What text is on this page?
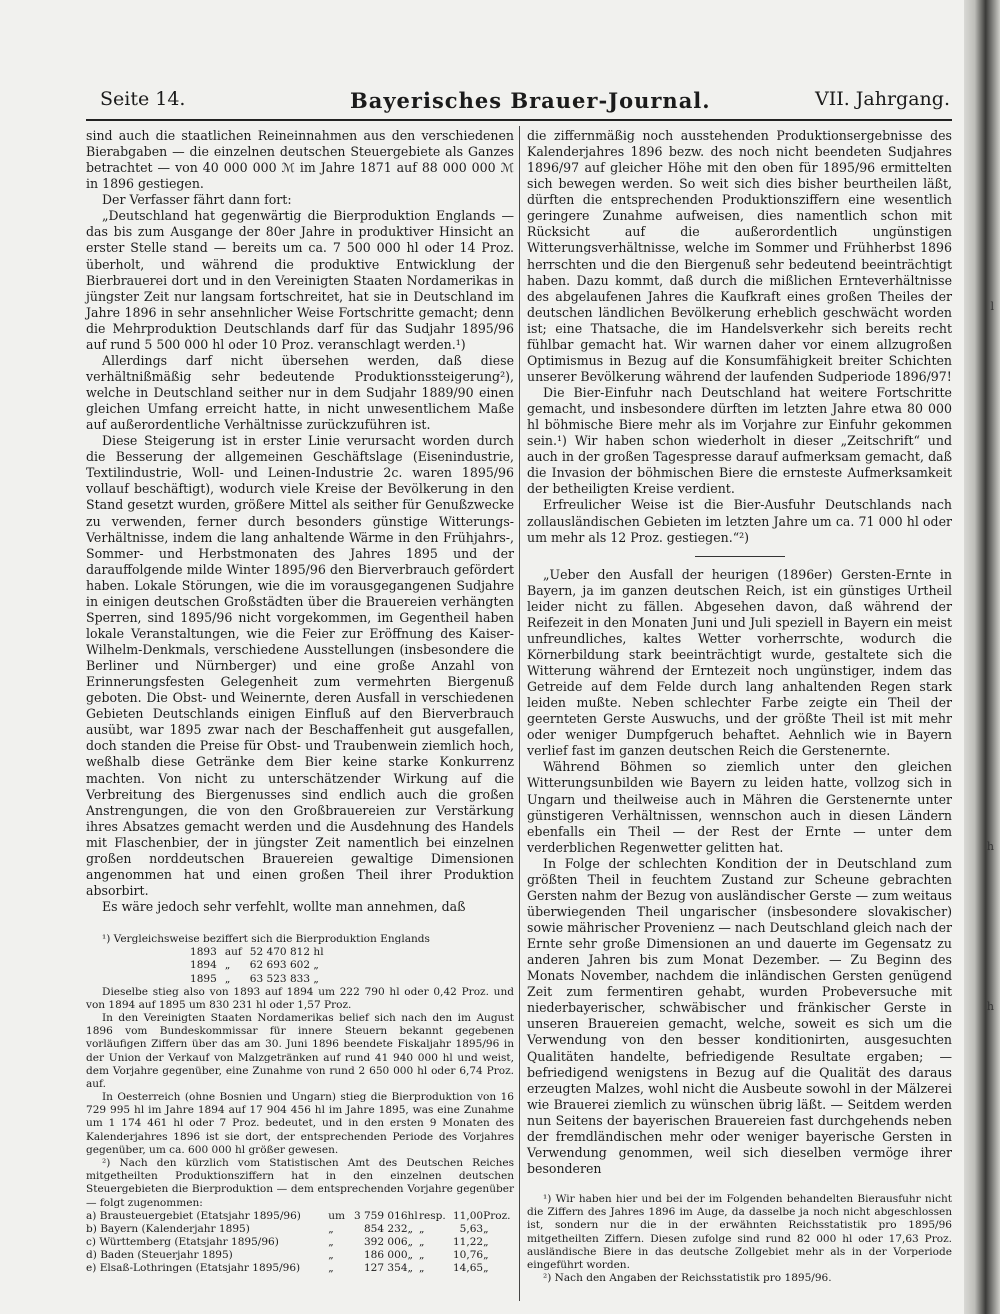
Seite 14.	Bayerisches Brauer-Journal.	VII. Jahrgang.

sind auch die staatlichen Reineinnahmen aus den verschiedenen Bierabgaben — die einzelnen deutschen Steuergebiete als Ganzes betrachtet — von 40 000 000 ℳ im Jahre 1871 auf 88 000 000 ℳ in 1896 gestiegen.

Der Verfasser fährt dann fort:

„Deutschland hat gegenwärtig die Bierproduktion Englands — das bis zum Ausgange der 80er Jahre in produktiver Hinsicht an erster Stelle stand — bereits um ca. 7 500 000 hl oder 14 Proz. überholt, und während die produktive Entwicklung der Bierbrauerei dort und in den Vereinigten Staaten Nordamerikas in jüngster Zeit nur langsam fortschreitet, hat sie in Deutschland im Jahre 1896 in sehr ansehnlicher Weise Fortschritte gemacht; denn die Mehrproduktion Deutschlands darf für das Sudjahr 1895/96 auf rund 5 500 000 hl oder 10 Proz. veranschlagt werden.¹)

Allerdings darf nicht übersehen werden, daß diese verhältnißmäßig sehr bedeutende Produktionssteigerung²), welche in Deutschland seither nur in dem Sudjahr 1889/90 einen gleichen Umfang erreicht hatte, in nicht unwesentlichem Maße auf außerordentliche Verhältnisse zurückzuführen ist.

Diese Steigerung ist in erster Linie verursacht worden durch die Besserung der allgemeinen Geschäftslage (Eisenindustrie, Textilindustrie, Woll- und Leinen-Industrie 2c. waren 1895/96 vollauf beschäftigt), wodurch viele Kreise der Bevölkerung in den Stand gesetzt wurden, größere Mittel als seither für Genußzwecke zu verwenden, ferner durch besonders günstige Witterungs-Verhältnisse, indem die lang anhaltende Wärme in den Frühjahrs-, Sommer- und Herbstmonaten des Jahres 1895 und der darauffolgende milde Winter 1895/96 den Bierverbrauch gefördert haben. Lokale Störungen, wie die im vorausgegangenen Sudjahre in einigen deutschen Großstädten über die Brauereien verhängten Sperren, sind 1895/96 nicht vorgekommen, im Gegentheil haben lokale Veranstaltungen, wie die Feier zur Eröffnung des Kaiser-Wilhelm-Denkmals, verschiedene Ausstellungen (insbesondere die Berliner und Nürnberger) und eine große Anzahl von Erinnerungsfesten Gelegenheit zum vermehrten Biergenuß geboten. Die Obst- und Weinernte, deren Ausfall in verschiedenen Gebieten Deutschlands einigen Einfluß auf den Bierverbrauch ausübt, war 1895 zwar nach der Beschaffenheit gut ausgefallen, doch standen die Preise für Obst- und Traubenwein ziemlich hoch, weßhalb diese Getränke dem Bier keine starke Konkurrenz machten. Von nicht zu unterschätzender Wirkung auf die Verbreitung des Biergenusses sind endlich auch die großen Anstrengungen, die von den Großbrauereien zur Verstärkung ihres Absatzes gemacht werden und die Ausdehnung des Handels mit Flaschenbier, der in jüngster Zeit namentlich bei einzelnen großen norddeutschen Brauereien gewaltige Dimensionen angenommen hat und einen großen Theil ihrer Produktion absorbirt.

Es wäre jedoch sehr verfehlt, wollte man annehmen, daß

¹) Vergleichsweise beziffert sich die Bierproduktion Englands

1893	auf	52 470 812 hl
1894	„	62 693 602 „
1895	„	63 523 833 „

Dieselbe stieg also von 1893 auf 1894 um 222 790 hl oder 0,42 Proz. und von 1894 auf 1895 um 830 231 hl oder 1,57 Proz.

In den Vereinigten Staaten Nordamerikas belief sich nach den im August 1896 vom Bundeskommissar für innere Steuern bekannt gegebenen vorläufigen Ziffern über das am 30. Juni 1896 beendete Fiskaljahr 1895/96 in der Union der Verkauf von Malzgetränken auf rund 41 940 000 hl und weist, dem Vorjahre gegenüber, eine Zunahme von rund 2 650 000 hl oder 6,74 Proz. auf.

In Oesterreich (ohne Bosnien und Ungarn) stieg die Bierproduktion von 16 729 995 hl im Jahre 1894 auf 17 904 456 hl im Jahre 1895, was eine Zunahme um 1 174 461 hl oder 7 Proz. bedeutet, und in den ersten 9 Monaten des Kalenderjahres 1896 ist sie dort, der entsprechenden Periode des Vorjahres gegenüber, um ca. 600 000 hl größer gewesen.

²) Nach den kürzlich vom Statistischen Amt des Deutschen Reiches mitgetheilten Produktionsziffern hat in den einzelnen deutschen Steuergebieten die Bierproduktion — dem entsprechenden Vorjahre gegenüber — folgt zugenommen:

a) Brausteuergebiet (Etatsjahr 1895/96)	um	3 759 016	hl	resp.	11,00	Proz.
b) Bayern (Kalenderjahr 1895)	„	854 232	„	„	5,63	„
c) Württemberg (Etatsjahr 1895/96)	„	392 006	„	„	11,22	„
d) Baden (Steuerjahr 1895)	„	186 000	„	„	10,76	„
e) Elsaß-Lothringen (Etatsjahr 1895/96)	„	127 354	„	„	14,65	„

die ziffernmäßig noch ausstehenden Produktionsergebnisse des Kalenderjahres 1896 bezw. des noch nicht beendeten Sudjahres 1896/97 auf gleicher Höhe mit den oben für 1895/96 ermittelten sich bewegen werden. So weit sich dies bisher beurtheilen läßt, dürften die entsprechenden Produktionsziffern eine wesentlich geringere Zunahme aufweisen, dies namentlich schon mit Rücksicht auf die außerordentlich ungünstigen Witterungsverhältnisse, welche im Sommer und Frühherbst 1896 herrschten und die den Biergenuß sehr bedeutend beeinträchtigt haben. Dazu kommt, daß durch die mißlichen Ernteverhältnisse des abgelaufenen Jahres die Kaufkraft eines großen Theiles der deutschen ländlichen Bevölkerung erheblich geschwächt worden ist; eine Thatsache, die im Handelsverkehr sich bereits recht fühlbar gemacht hat. Wir warnen daher vor einem allzugroßen Optimismus in Bezug auf die Konsumfähigkeit breiter Schichten unserer Bevölkerung während der laufenden Sudperiode 1896/97!

Die Bier-Einfuhr nach Deutschland hat weitere Fortschritte gemacht, und insbesondere dürften im letzten Jahre etwa 80 000 hl böhmische Biere mehr als im Vorjahre zur Einfuhr gekommen sein.¹) Wir haben schon wiederholt in dieser „Zeitschrift“ und auch in der großen Tagespresse darauf aufmerksam gemacht, daß die Invasion der böhmischen Biere die ernsteste Aufmerksamkeit der betheiligten Kreise verdient.

Erfreulicher Weise ist die Bier-Ausfuhr Deutschlands nach zollausländischen Gebieten im letzten Jahre um ca. 71 000 hl oder um mehr als 12 Proz. gestiegen.“²)

„Ueber den Ausfall der heurigen (1896er) Gersten-Ernte in Bayern, ja im ganzen deutschen Reich, ist ein günstiges Urtheil leider nicht zu fällen. Abgesehen davon, daß während der Reifezeit in den Monaten Juni und Juli speziell in Bayern ein meist unfreundliches, kaltes Wetter vorherrschte, wodurch die Körnerbildung stark beeinträchtigt wurde, gestaltete sich die Witterung während der Erntezeit noch ungünstiger, indem das Getreide auf dem Felde durch lang anhaltenden Regen stark leiden mußte. Neben schlechter Farbe zeigte ein Theil der geernteten Gerste Auswuchs, und der größte Theil ist mit mehr oder weniger Dumpfgeruch behaftet. Aehnlich wie in Bayern verlief fast im ganzen deutschen Reich die Gerstenernte.

Während Böhmen so ziemlich unter den gleichen Witterungsunbilden wie Bayern zu leiden hatte, vollzog sich in Ungarn und theilweise auch in Mähren die Gerstenernte unter günstigeren Verhältnissen, wennschon auch in diesen Ländern ebenfalls ein Theil — der Rest der Ernte — unter dem verderblichen Regenwetter gelitten hat.

In Folge der schlechten Kondition der in Deutschland zum größten Theil in feuchtem Zustand zur Scheune gebrachten Gersten nahm der Bezug von ausländischer Gerste — zum weitaus überwiegenden Theil ungarischer (insbesondere slovakischer) sowie mährischer Provenienz — nach Deutschland gleich nach der Ernte sehr große Dimensionen an und dauerte im Gegensatz zu anderen Jahren bis zum Monat Dezember. — Zu Beginn des Monats November, nachdem die inländischen Gersten genügend Zeit zum fermentiren gehabt, wurden Probeversuche mit niederbayerischer, schwäbischer und fränkischer Gerste in unseren Brauereien gemacht, welche, soweit es sich um die Verwendung von den besser konditionirten, ausgesuchten Qualitäten handelte, befriedigende Resultate ergaben; — befriedigend wenigstens in Bezug auf die Qualität des daraus erzeugten Malzes, wohl nicht die Ausbeute sowohl in der Mälzerei wie Brauerei ziemlich zu wünschen übrig läßt. — Seitdem werden nun Seitens der bayerischen Brauereien fast durchgehends neben der fremdländischen mehr oder weniger bayerische Gersten in Verwendung genommen, weil sich dieselben vermöge ihrer besonderen

¹) Wir haben hier und bei der im Folgenden behandelten Bierausfuhr nicht die Ziffern des Jahres 1896 im Auge, da dasselbe ja noch nicht abgeschlossen ist, sondern nur die in der erwähnten Reichsstatistik pro 1895/96 mitgetheilten Ziffern. Diesen zufolge sind rund 82 000 hl oder 17,63 Proz. ausländische Biere in das deutsche Zollgebiet mehr als in der Vorperiode eingeführt worden.

²) Nach den Angaben der Reichsstatistik pro 1895/96.

l
h
h
